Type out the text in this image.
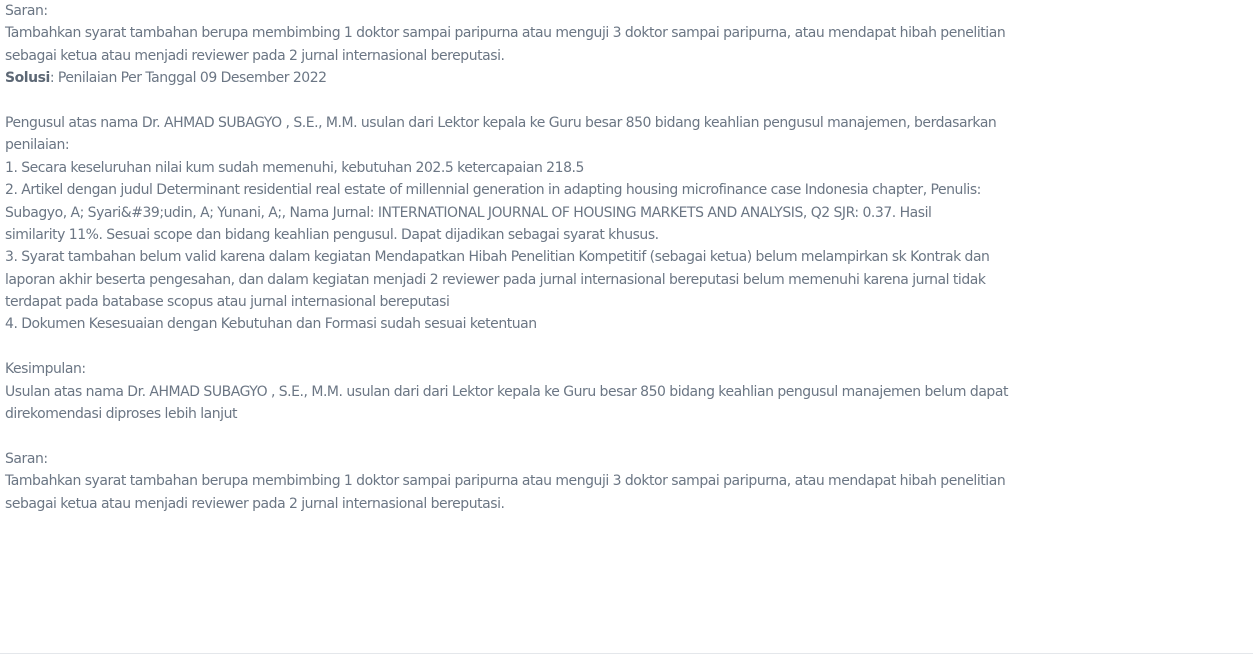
Saran:
Tambahkan syarat tambahan berupa membimbing 1 doktor sampai paripurna atau menguji 3 doktor sampai paripurna, atau mendapat hibah penelitian
sebagai ketua atau menjadi reviewer pada 2 jurnal internasional bereputasi.
Solusi: Penilaian Per Tanggal 09 Desember 2022
Pengusul atas nama Dr. AHMAD SUBAGYO , S.E., M.M. usulan dari Lektor kepala ke Guru besar 850 bidang keahlian pengusul manajemen, berdasarkan
penilaian:
1. Secara keseluruhan nilai kum sudah memenuhi, kebutuhan 202.5 ketercapaian 218.5
2. Artikel dengan judul Determinant residential real estate of millennial generation in adapting housing microfinance case Indonesia chapter, Penulis:
Subagyo, A; Syari&#39;udin, A; Yunani, A;, Nama Jurnal: INTERNATIONAL JOURNAL OF HOUSING MARKETS AND ANALYSIS, Q2 SJR: 0.37. Hasil
similarity 11%. Sesuai scope dan bidang keahlian pengusul. Dapat dijadikan sebagai syarat khusus.
3. Syarat tambahan belum valid karena dalam kegiatan Mendapatkan Hibah Penelitian Kompetitif (sebagai ketua) belum melampirkan sk Kontrak dan
laporan akhir beserta pengesahan, dan dalam kegiatan menjadi 2 reviewer pada jurnal internasional bereputasi belum memenuhi karena jurnal tidak
terdapat pada batabase scopus atau jurnal internasional bereputasi
4. Dokumen Kesesuaian dengan Kebutuhan dan Formasi sudah sesuai ketentuan
Kesimpulan:
Usulan atas nama Dr. AHMAD SUBAGYO , S.E., M.M. usulan dari dari Lektor kepala ke Guru besar 850 bidang keahlian pengusul manajemen belum dapat
direkomendasi diproses lebih lanjut
Saran:
Tambahkan syarat tambahan berupa membimbing 1 doktor sampai paripurna atau menguji 3 doktor sampai paripurna, atau mendapat hibah penelitian
sebagai ketua atau menjadi reviewer pada 2 jurnal internasional bereputasi.
